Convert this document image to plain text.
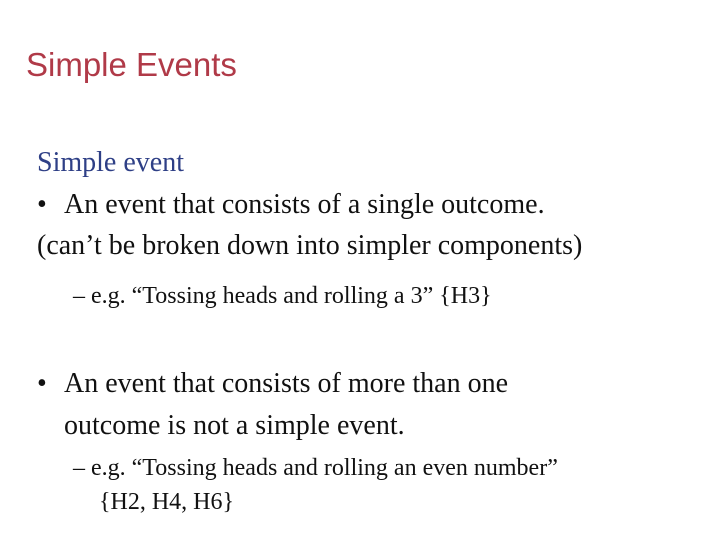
Simple Events
Simple event
• An event that consists of a single outcome.
(can’t be broken down into simpler components)
– e.g. “Tossing heads and rolling a 3” {H3}
• An event that consists of more than one
outcome is not a simple event.
– e.g. “Tossing heads and rolling an even number”
{H2, H4, H6}
